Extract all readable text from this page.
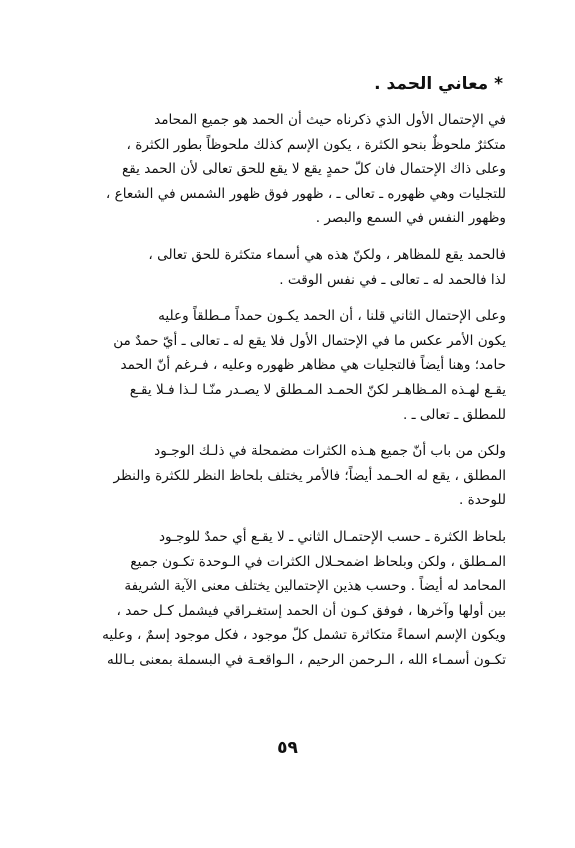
* معاني الحمد .
في الإحتمال الأول الذي ذكرناه حيث أن الحمد هو جميع المحامد
متكثرٌ ملحوظٌ بنحو الكثرة ، يكون الإسم كذلك ملحوظاً بطور الكثرة ،
وعلى ذاك الإحتمال فان كلّ حمدٍ يقع لا يقع للحق تعالى لأن الحمد يقع
للتجليات وهي ظهوره ـ تعالى ـ ، ظهور فوق ظهور الشمس في الشعاع ،
وظهور النفس في السمع والبصر .
فالحمد يقع للمظاهر ، ولكنّ هذه هي أسماء متكثرة للحق تعالى ،
لذا فالحمد له ـ تعالى ـ في نفس الوقت .
وعلى الإحتمال الثاني قلنا ، أن الحمد يكـون حمداً مـطلقاً وعليه
يكون الأمر عكس ما في الإحتمال الأول فلا يقع له ـ تعالى ـ أيّ حمدٌ من
حامد؛ وهنا أيضاً فالتجليات هي مظاهر ظهوره وعليه ، فـرغم أنّ الحمد
يقـع لهـذه المـظاهـر لكنّ الحمـد المـطلق لا يصـدر منّـا لـذا فـلا يقـع
للمطلق ـ تعالى ـ .
ولكن من باب أنّ جميع هـذه الكثرات مضمحلة في ذلـك الوجـود
المطلق ، يقع له الحـمد أيضاً؛ فالأمر يختلف بلحاظ النظر للكثرة والنظر
للوحدة .
بلحاظ الكثرة ـ حسب الإحتمـال الثاني ـ لا يقـع أي حمدٌ للوجـود
المـطلق ، ولكن وبلحاظ اضمحـلال الكثرات في الـوحدة تكـون جميع
المحامد له أيضاً . وحسب هذين الإحتمالين يختلف معنى الآية الشريفة
بين أولها وآخرها ، فوفق كـون أن الحمد إستغـراقي فيشمل كـل حمد ،
ويكون الإسم اسماءً متكاثرة تشمل كلّ موجود ، فكل موجود إسمٌ ، وعليه
تكـون أسمـاء الله ، الـرحمن الرحيم ، الـواقعـة في البسملة بمعنى بـالله
٥٩
